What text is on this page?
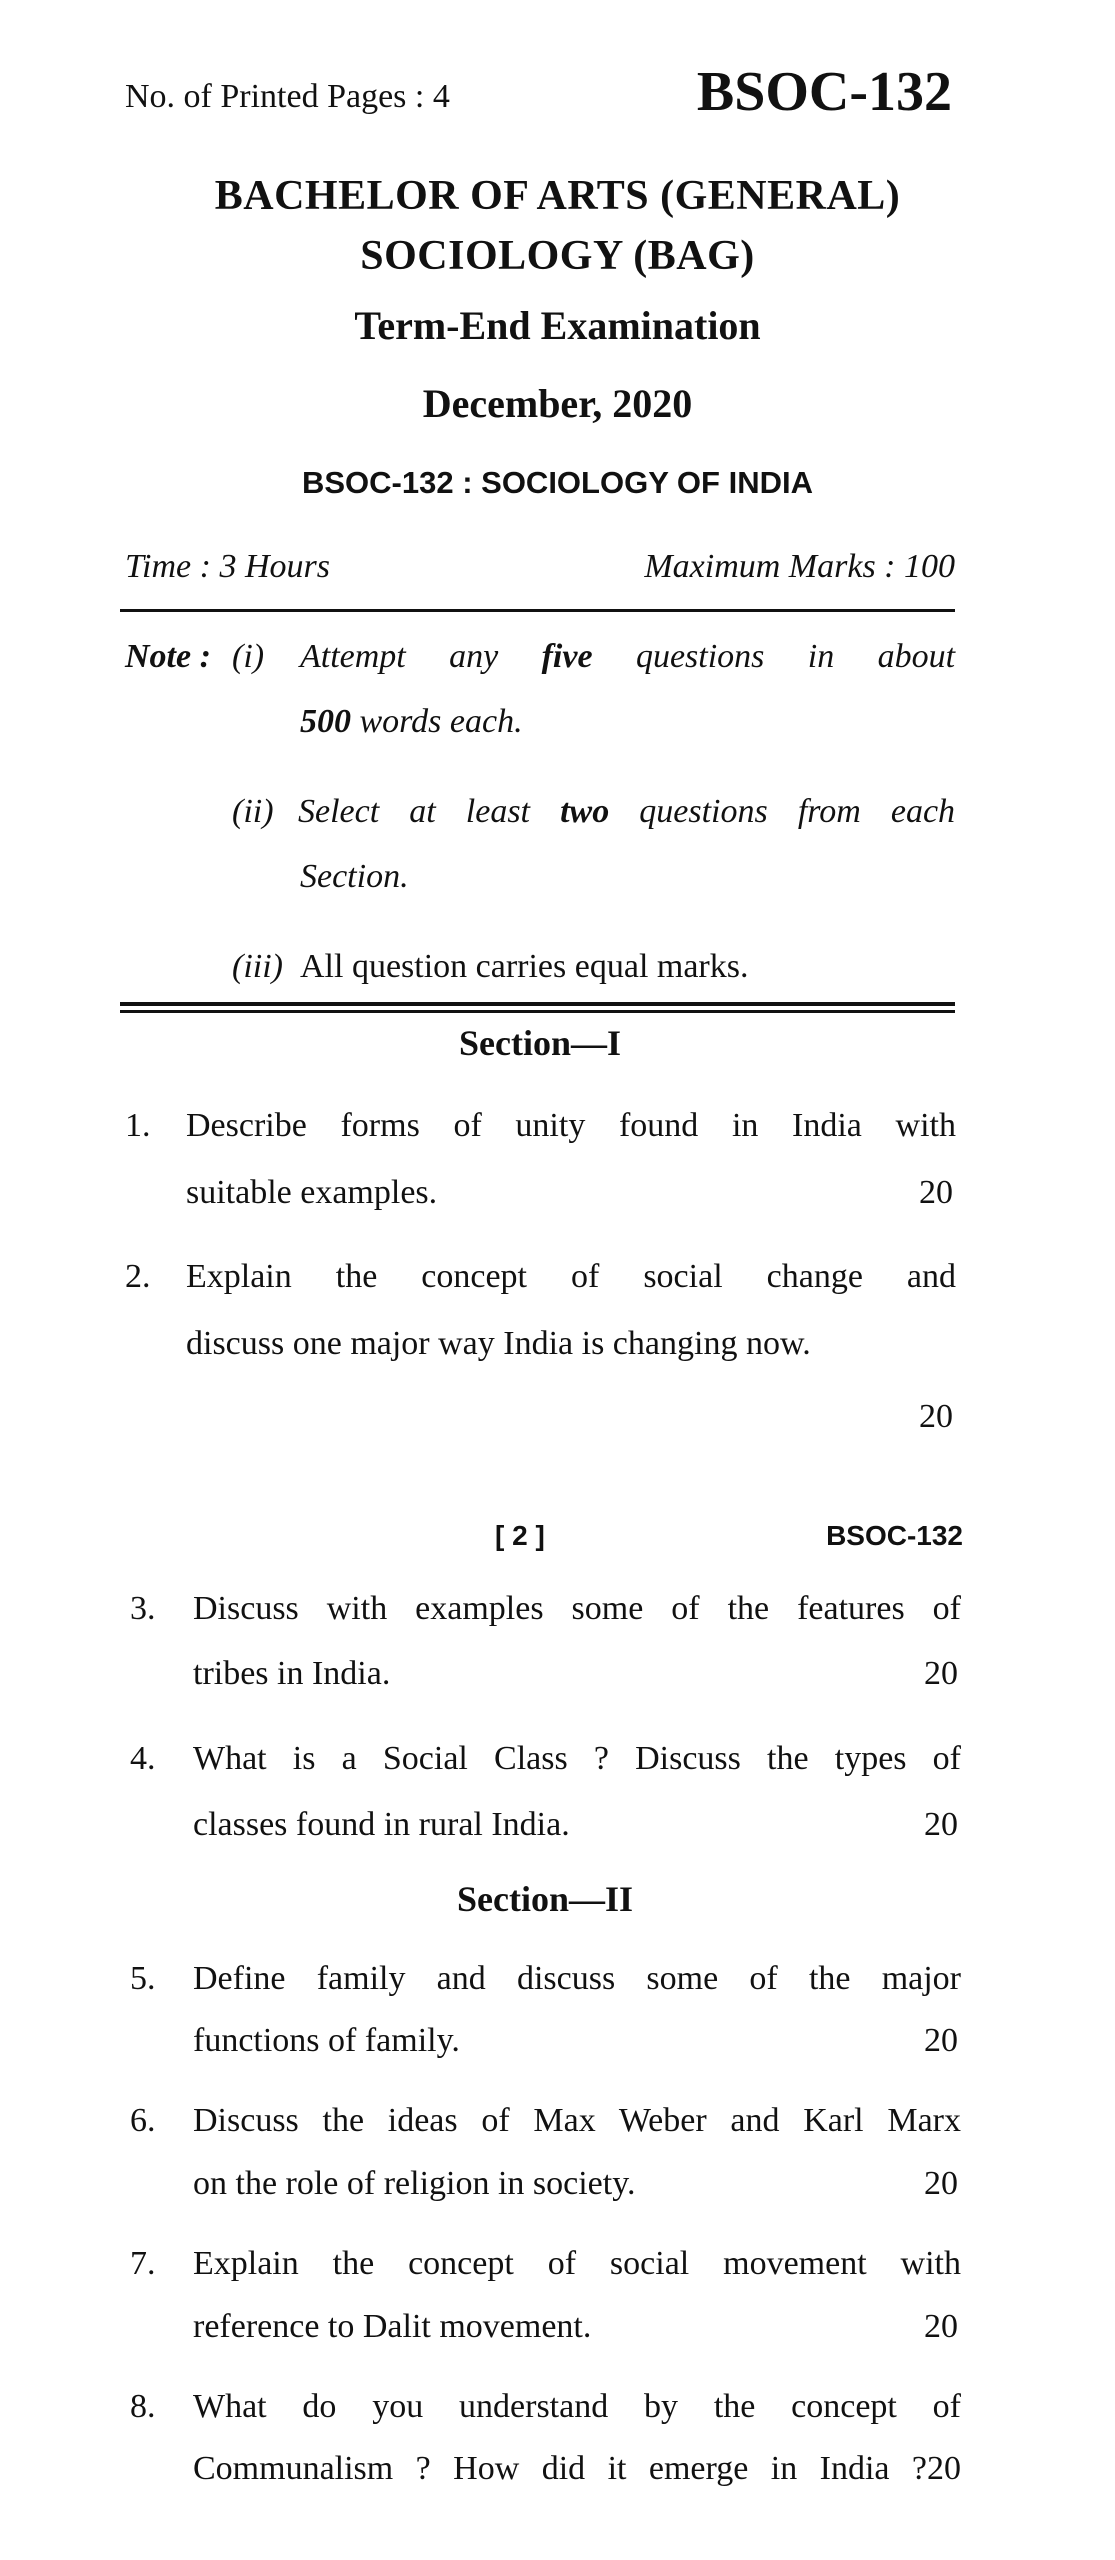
No. of Printed Pages : 4	BSOC-132
BACHELOR OF ARTS (GENERAL)
SOCIOLOGY (BAG)
Term-End Examination
December, 2020
BSOC-132 : SOCIOLOGY OF INDIA
Time : 3 Hours	Maximum Marks : 100
Note : (i) Attempt any five questions in about
500 words each.
(ii) Select at least two questions from each
Section.
(iii) All question carries equal marks.
Section—I
1. Describe forms of unity found in India with
suitable examples.	20
2. Explain the concept of social change and
discuss one major way India is changing now.
20
[ 2 ]	BSOC-132
3. Discuss with examples some of the features of
tribes in India.	20
4. What is a Social Class ? Discuss the types of
classes found in rural India.	20
Section—II
5. Define family and discuss some of the major
functions of family.	20
6. Discuss the ideas of Max Weber and Karl Marx
on the role of religion in society.	20
7. Explain the concept of social movement with
reference to Dalit movement.	20
8. What do you understand by the concept of
Communalism ? How did it emerge in India ?20
